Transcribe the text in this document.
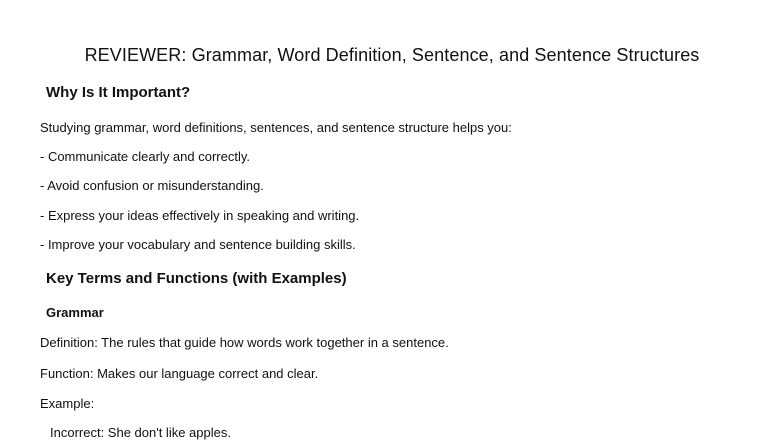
REVIEWER: Grammar, Word Definition, Sentence, and Sentence Structures
Why Is It Important?

Studying grammar, word definitions, sentences, and sentence structure helps you:

- Communicate clearly and correctly.

- Avoid confusion or misunderstanding.

- Express your ideas effectively in speaking and writing.

- Improve your vocabulary and sentence building skills.

Key Terms and Functions (with Examples)
Grammar

Definition: The rules that guide how words work together in a sentence.

Function: Makes our language correct and clear.

Example:

Incorrect: She don't like apples.
